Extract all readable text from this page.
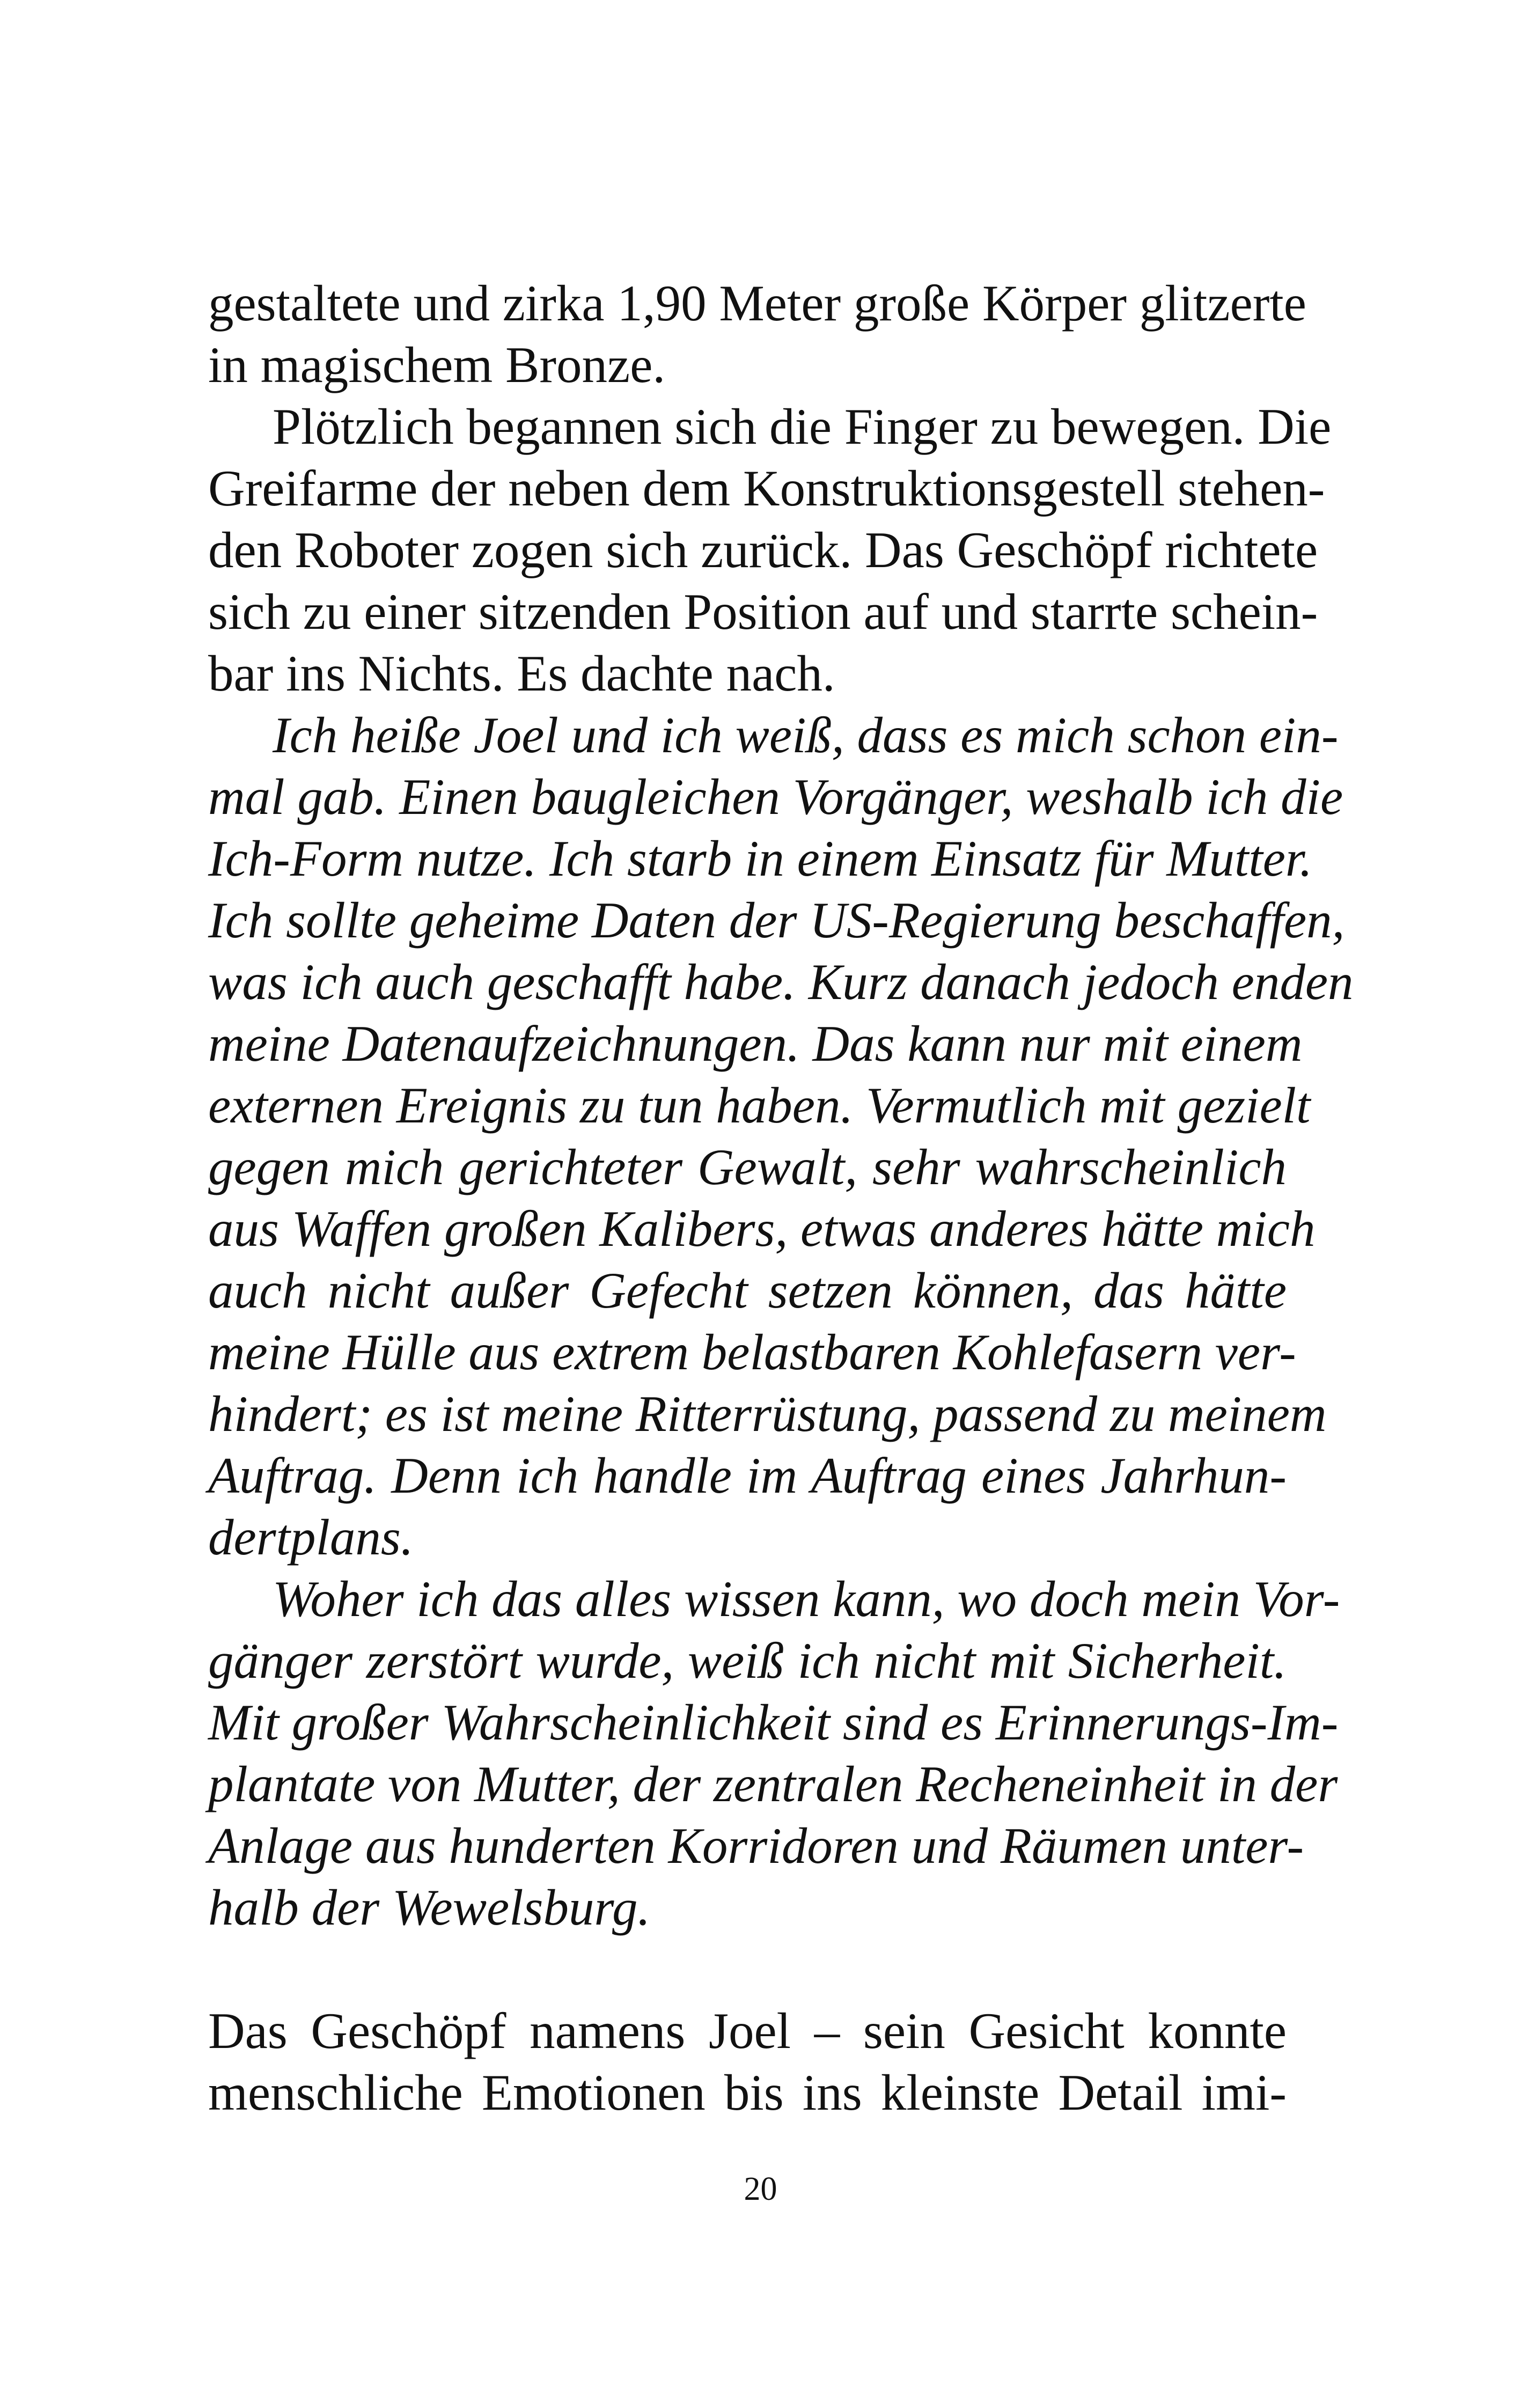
gestaltete und zirka 1,90 Meter große Körper glitzerte
in magischem Bronze.
Plötzlich begannen sich die Finger zu bewegen. Die
Greifarme der neben dem Konstruktionsgestell stehen-
den Roboter zogen sich zurück. Das Geschöpf richtete
sich zu einer sitzenden Position auf und starrte schein-
bar ins Nichts. Es dachte nach.
Ich heiße Joel und ich weiß, dass es mich schon ein-
mal gab. Einen baugleichen Vorgänger, weshalb ich die
Ich-Form nutze. Ich starb in einem Einsatz für Mutter.
Ich sollte geheime Daten der US-Regierung beschaffen,
was ich auch geschafft habe. Kurz danach jedoch enden
meine Datenaufzeichnungen. Das kann nur mit einem
externen Ereignis zu tun haben. Vermutlich mit gezielt
gegen mich gerichteter Gewalt, sehr wahrscheinlich
aus Waffen großen Kalibers, etwas anderes hätte mich
auch nicht außer Gefecht setzen können, das hätte
meine Hülle aus extrem belastbaren Kohlefasern ver-
hindert; es ist meine Ritterrüstung, passend zu meinem
Auftrag. Denn ich handle im Auftrag eines Jahrhun-
dertplans.
Woher ich das alles wissen kann, wo doch mein Vor-
gänger zerstört wurde, weiß ich nicht mit Sicherheit.
Mit großer Wahrscheinlichkeit sind es Erinnerungs-Im-
plantate von Mutter, der zentralen Recheneinheit in der
Anlage aus hunderten Korridoren und Räumen unter-
halb der Wewelsburg.
Das Geschöpf namens Joel – sein Gesicht konnte
menschliche Emotionen bis ins kleinste Detail imi-
20
